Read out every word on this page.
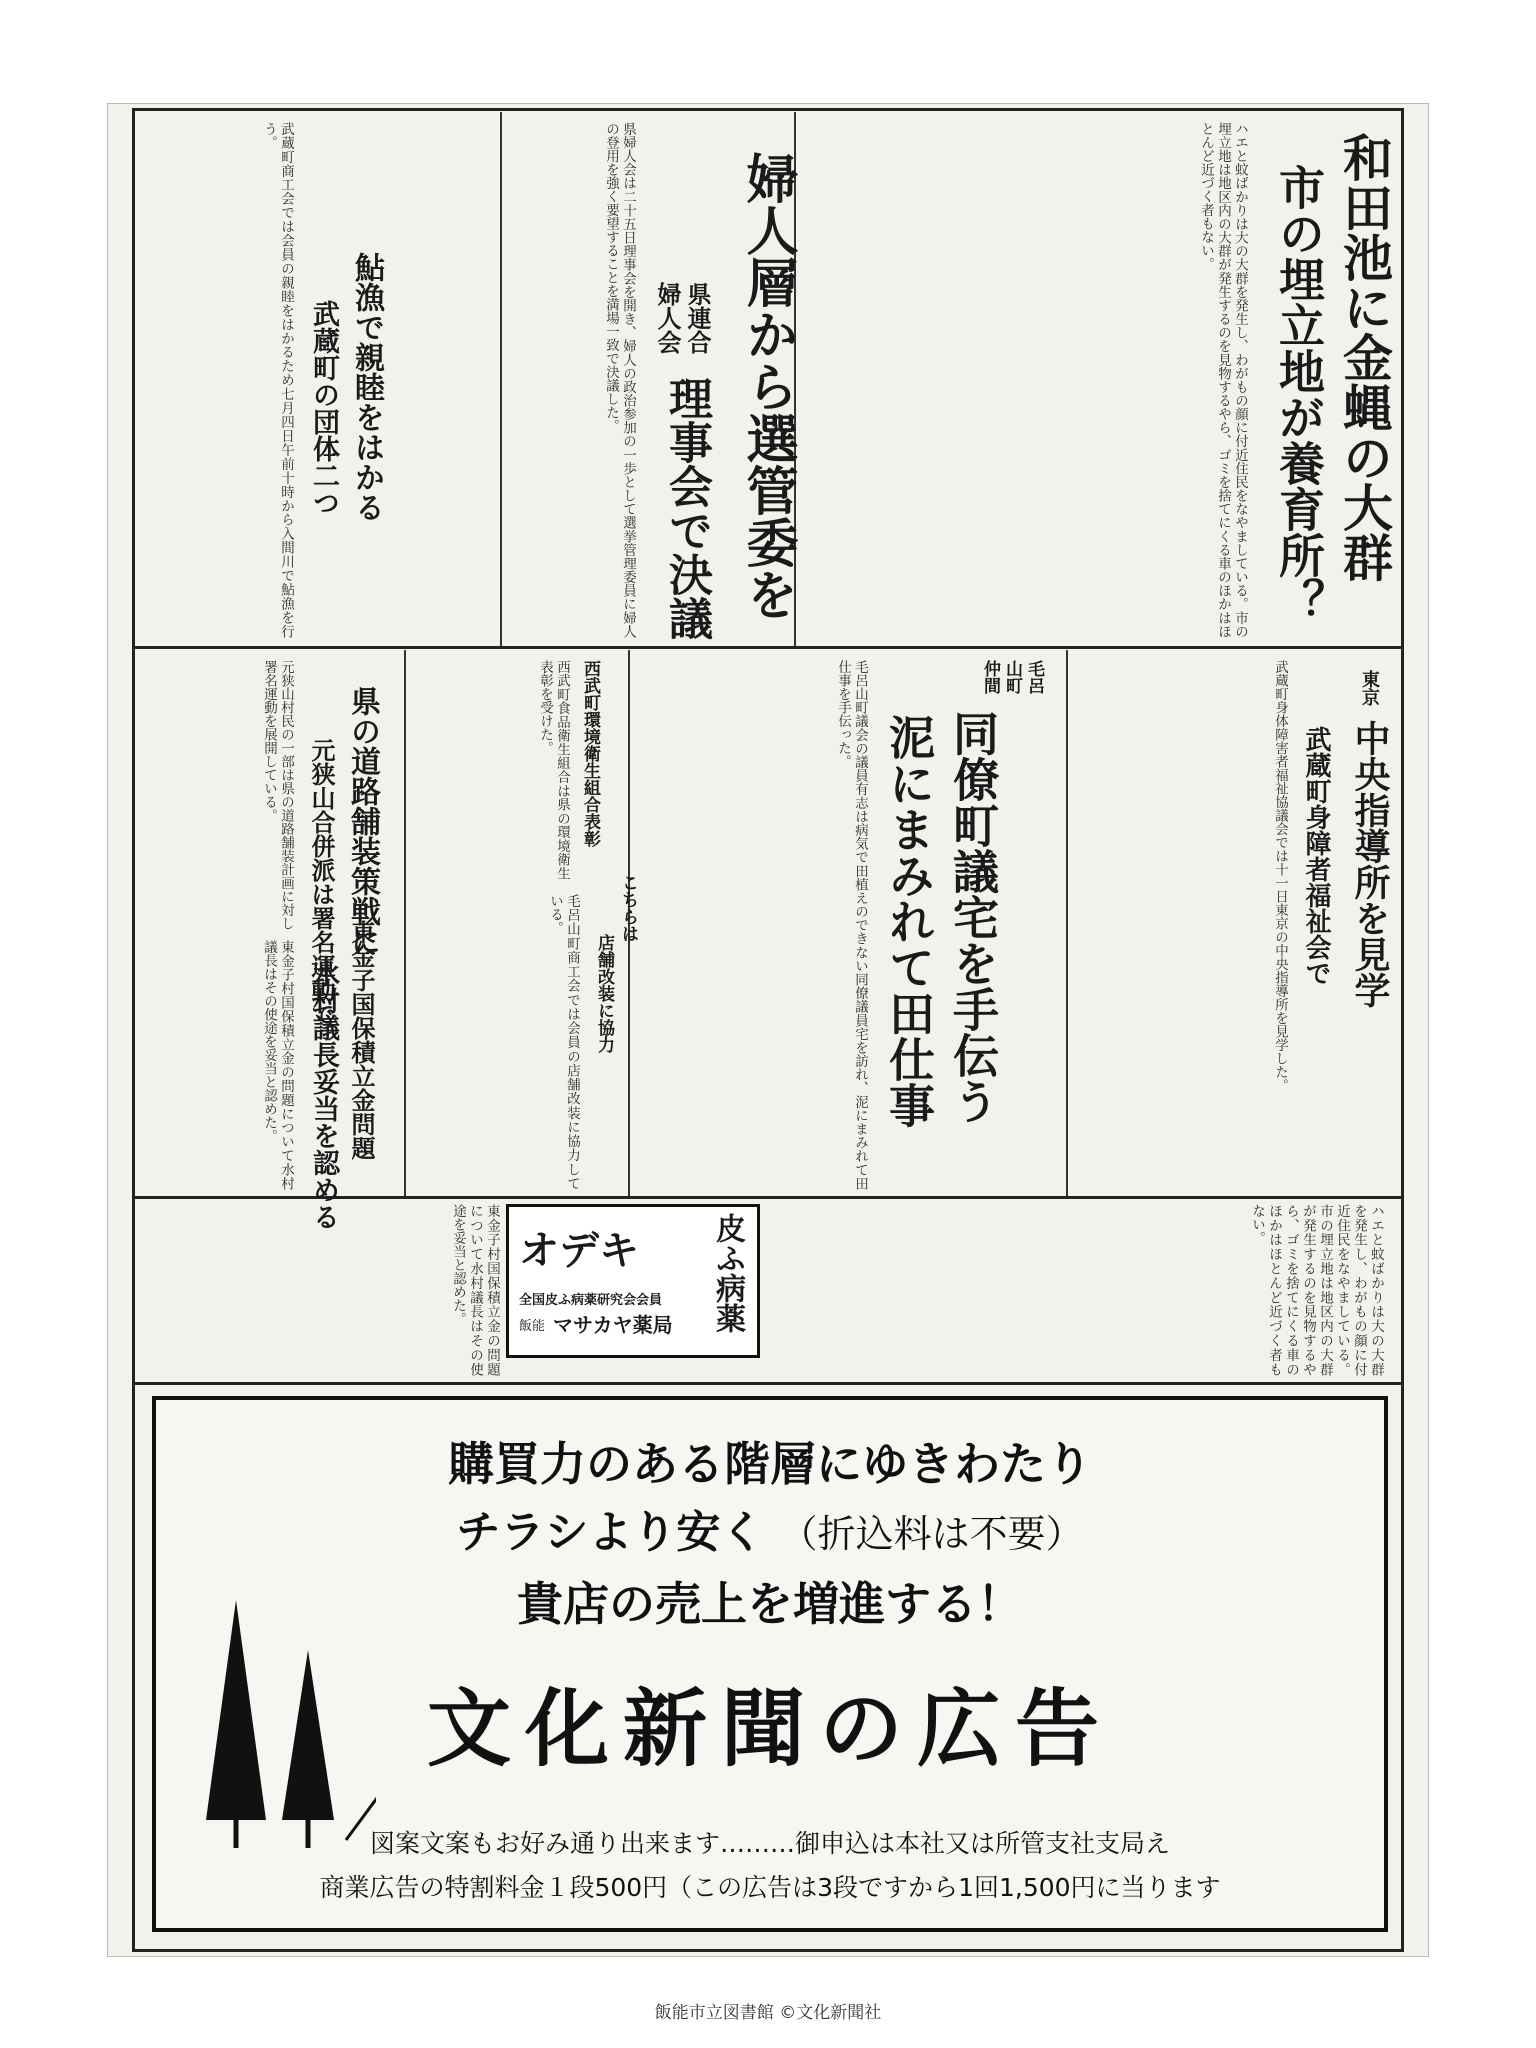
和田池に金蝿の大群
市の埋立地が養育所？
ハエと蚊ばかりは大の大群を発生し、わがもの顔に付近住民をなやましている。市の埋立地は地区内の大群が発生するのを見物するやら、ゴミを捨てにくる車のほかはほとんど近づく者もない。
婦人層から選管委を
県連合
婦人会
理事会で決議
県婦人会は二十五日理事会を開き、婦人の政治参加の一歩として選挙管理委員に婦人の登用を強く要望することを満場一致で決議した。
鮎漁で親睦をはかる
武蔵町の団体二つ
武蔵町商工会では会員の親睦をはかるため七月四日午前十時から入間川で鮎漁を行う。
西武町環境衛生組合表彰
西武町食品衛生組合は県の環境衛生表彰を受けた。
県の道路舗装策戦に
元狭山合併派は署名運動で
元狭山村民の一部は県の道路舗装計画に対し署名運動を展開している。
東金子国保積立金問題
水村議長妥当を認める
東金子村国保積立金の問題について水村議長はその使途を妥当と認めた。
毛呂
山町
仲間
同僚町議宅を手伝う
泥にまみれて田仕事
毛呂山町議会の議員有志は病気で田植えのできない同僚議員宅を訪れ、泥にまみれて田仕事を手伝った。
こちらは
店舗改装に協力
毛呂山町商工会では会員の店舗改装に協力している。
東京
中央指導所を見学
武蔵町身障者福祉会で
武蔵町身体障害者福祉協議会では十一日東京の中央指導所を見学した。
ハエと蚊ばかりは大の大群を発生し、わがもの顔に付近住民をなやましている。市の埋立地は地区内の大群が発生するのを見物するやら、ゴミを捨てにくる車のほかはほとんど近づく者もない。
東金子村国保積立金の問題について水村議長はその使途を妥当と認めた。	皮ふ病薬
オデキ
全国皮ふ病薬研究会会員
飯能 マサカヤ薬局
購買力のある階層にゆきわたり
チラシより安く （折込料は不要）
貴店の売上を増進する！
文化新聞の広告
図案文案もお好み通り出来ます………御申込は本社又は所管支社支局え
商業広告の特割料金１段500円（この広告は3段ですから1回1,500円に当ります
飯能市立図書館 ©文化新聞社
